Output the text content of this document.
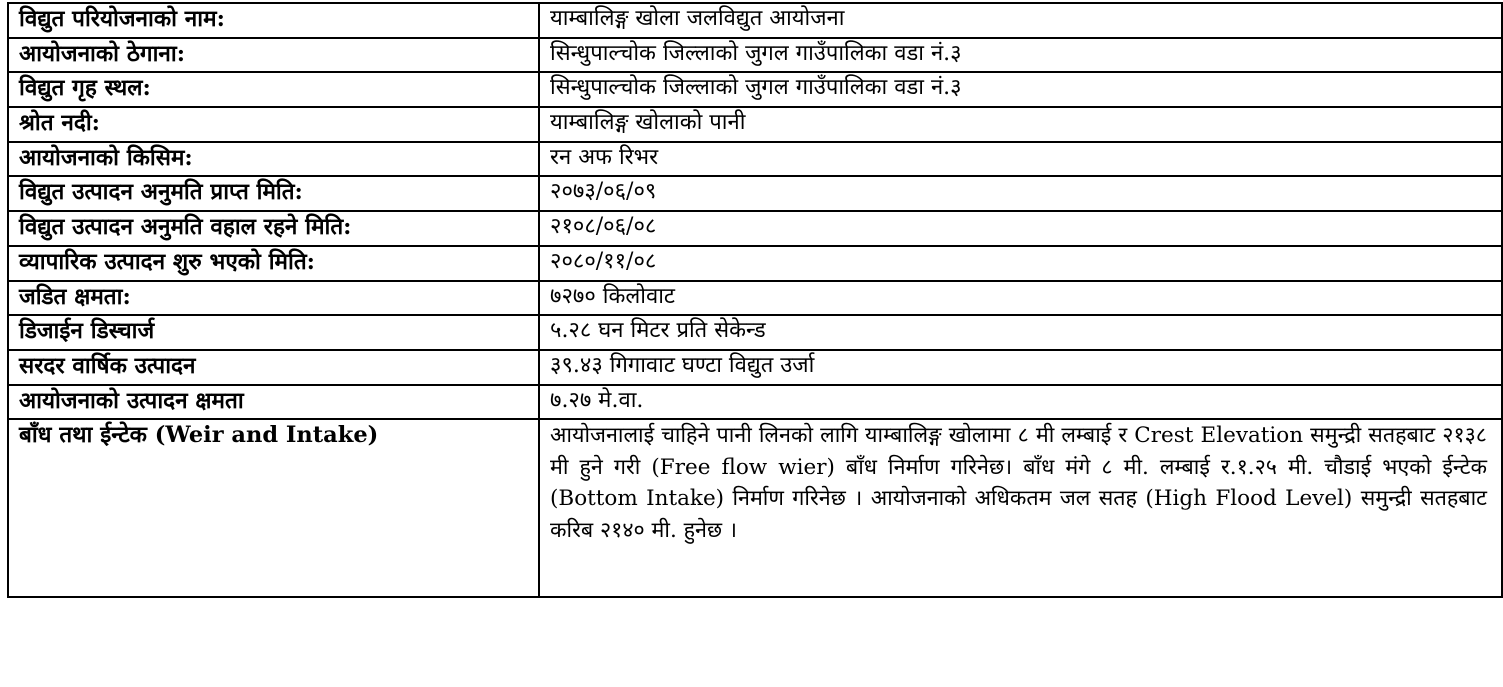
विद्युत परियोजनाको नाम:	याम्बालिङ्ग खोला जलविद्युत आयोजना
आयोजनाको ठेगाना:	सिन्धुपाल्चोक जिल्लाको जुगल गाउँपालिका वडा नं.३
विद्युत गृह स्थल:	सिन्धुपाल्चोक जिल्लाको जुगल गाउँपालिका वडा नं.३
श्रोत नदी:	याम्बालिङ्ग खोलाको पानी
आयोजनाको किसिम:	रन अफ रिभर
विद्युत उत्पादन अनुमति प्राप्त मिति:	२०७३/०६/०९
विद्युत उत्पादन अनुमति वहाल रहने मिति:	२१०८/०६/०८
व्यापारिक उत्पादन शुरु भएको मिति:	२०८०/११/०८
जडित क्षमता:	७२७० किलोवाट
डिजाईन डिस्चार्ज	५.२८ घन मिटर प्रति सेकेन्ड
सरदर वार्षिक उत्पादन	३९.४३ गिगावाट घण्टा विद्युत उर्जा
आयोजनाको उत्पादन क्षमता	७.२७ मे.वा.
बाँध तथा ईन्टेक (Weir and Intake)	आयोजनालाई चाहिने पानी लिनको लागि याम्बालिङ्ग खोलामा ८ मी लम्बाई र Crest Elevation समुन्द्री सतहबाट २१३८ मी हुने गरी (Free flow wier) बाँध निर्माण गरिनेछ। बाँध मंगे ८ मी. लम्बाई र.१.२५ मी. चौडाई भएको ईन्टेक (Bottom Intake) निर्माण गरिनेछ । आयोजनाको अधिकतम जल सतह (High Flood Level) समुन्द्री सतहबाट करिब २१४० मी. हुनेछ ।
